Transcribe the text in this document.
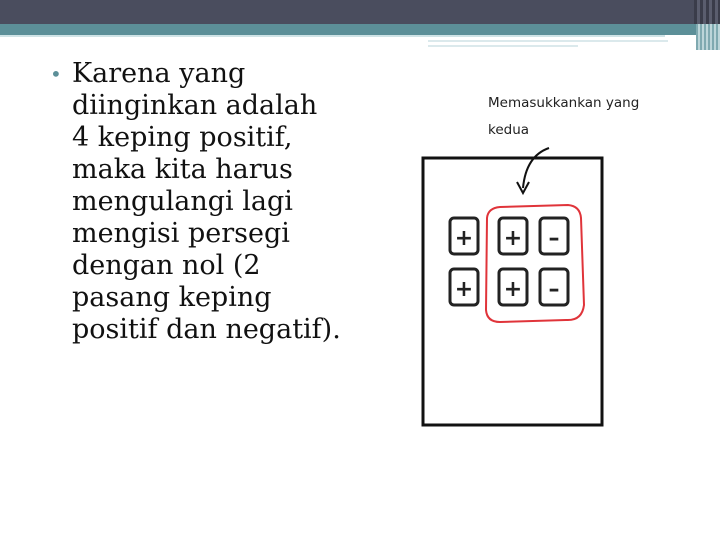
• Karena yang
diinginkan adalah
4 keping positif,
maka kita harus
mengulangi lagi
mengisi persegi
dengan nol (2
pasang keping
positif dan negatif).
Memasukkankan yang
kedua
+ + –
+ + –
